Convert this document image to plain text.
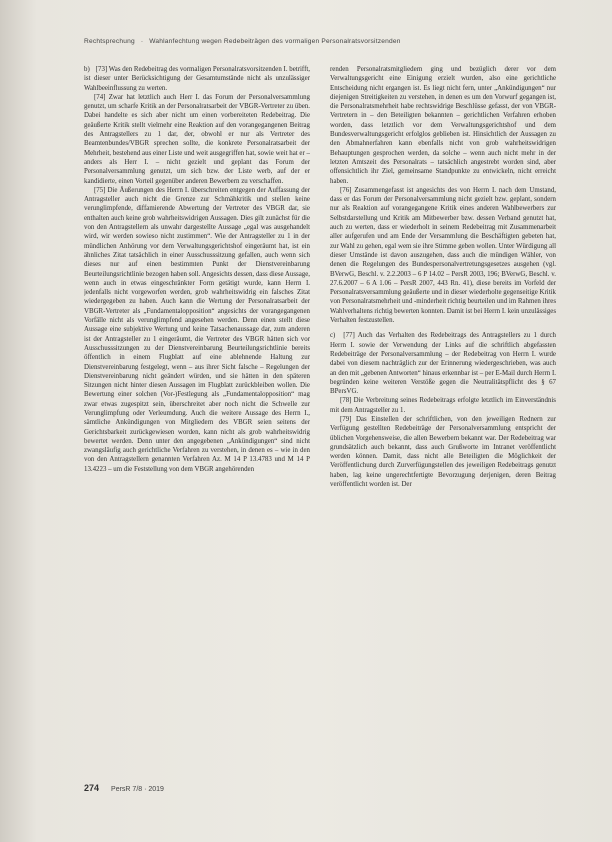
Rechtsprechung · Wahlanfechtung wegen Redebeiträgen des vormaligen Personalratsvorsitzenden

b) [73] Was den Redebeitrag des vormaligen Personalratsvorsitzenden I. betrifft, ist dieser unter Berücksichtigung der Gesamtumstände nicht als unzulässiger Wahlbeeinflussung zu werten.

[74] Zwar hat letztlich auch Herr I. das Forum der Personalversammlung genutzt, um scharfe Kritik an der Personalratsarbeit der VBGR-Vertreter zu üben. Dabei handelte es sich aber nicht um einen vorbereiteten Redebeitrag. Die geäußerte Kritik stellt vielmehr eine Reaktion auf den vorangegangenen Beitrag des Antragstellers zu 1 dar, der, obwohl er nur als Vertreter des Beamtenbundes/VBGR sprechen sollte, die konkrete Personalratsarbeit der Mehrheit, bestehend aus einer Liste und weit ausgegriffen hat, sowie weit hat er – anders als Herr I. – nicht gezielt und geplant das Forum der Personalversammlung genutzt, um sich bzw. der Liste werb, auf der er kandidierte, einen Vorteil gegenüber anderen Bewerbern zu verschaffen.

[75] Die Äußerungen des Herrn I. überschreiten entgegen der Auffassung der Antragsteller auch nicht die Grenze zur Schmähkritik und stellen keine verunglimpfende, diffamierende Abwertung der Vertreter des VBGR dar, sie enthalten auch keine grob wahrheitswidrigen Aussagen. Dies gilt zunächst für die von den Antragstellern als unwahr dargestellte Aussage „egal was ausgehandelt wird, wir werden sowieso nicht zustimmen“. Wie der Antragsteller zu 1 in der mündlichen Anhörung vor dem Verwaltungsgerichtshof eingeräumt hat, ist ein ähnliches Zitat tatsächlich in einer Ausschusssitzung gefallen, auch wenn sich dieses nur auf einen bestimmten Punkt der Dienstvereinbarung Beurteilungsrichtlinie bezogen haben soll. Angesichts dessen, dass diese Aussage, wenn auch in etwas eingeschränkter Form getätigt wurde, kann Herrn I. jedenfalls nicht vorgeworfen werden, grob wahrheitswidrig ein falsches Zitat wiedergegeben zu haben. Auch kann die Wertung der Personalratsarbeit der VBGR-Vertreter als „Fundamentalopposition“ angesichts der vorangegangenen Vorfälle nicht als verunglimpfend angesehen werden. Denn einen stellt diese Aussage eine subjektive Wertung und keine Tatsachenaussage dar, zum anderen ist der Antragsteller zu 1 eingeräumt, die Vertreter des VBGR hätten sich vor Ausschusssitzungen zu der Dienstvereinbarung Beurteilungsrichtlinie bereits öffentlich in einem Flugblatt auf eine ablehnende Haltung zur Dienstvereinbarung festgelegt, wenn – aus ihrer Sicht falsche – Regelungen der Dienstvereinbarung nicht geändert würden, und sie hätten in den späteren Sitzungen nicht hinter diesen Aussagen im Flugblatt zurückbleiben wollen. Die Bewertung einer solchen (Vor-)Festlegung als „Fundamentalopposition“ mag zwar etwas zugespitzt sein, überschreitet aber noch nicht die Schwelle zur Verunglimpfung oder Verleumdung. Auch die weitere Aussage des Herrn I., sämtliche Ankündigungen von Mitgliedern des VBGR seien seitens der Gerichtsbarkeit zurückgewiesen worden, kann nicht als grob wahrheitswidrig bewertet werden. Denn unter den angegebenen „Ankündigungen“ sind nicht zwangsläufig auch gerichtliche Verfahren zu verstehen, in denen es – wie in den von den Antragstellern genannten Verfahren Az. M 14 P 13.4783 und M 14 P 13.4223 – um die Feststellung von dem VBGR angehörenden

renden Personalratsmitgliedern ging und bezüglich derer vor dem Verwaltungsgericht eine Einigung erzielt wurden, also eine gerichtliche Entscheidung nicht ergangen ist. Es liegt nicht fern, unter „Ankündigungen“ nur diejenigen Streitigkeiten zu verstehen, in denen es um den Vorwurf gegangen ist, die Personalratsmehrheit habe rechtswidrige Beschlüsse gefasst, der von VBGR-Vertretern in – den Beteiligten bekannten – gerichtlichen Verfahren erhoben worden, dass letztlich vor dem Verwaltungsgerichtshof und dem Bundesverwaltungsgericht erfolglos geblieben ist. Hinsichtlich der Aussagen zu den Abmahnerfahren kann ebenfalls nicht von grob wahrheitswidrigen Behauptungen gesprochen werden, da solche – wenn auch nicht mehr in der letzten Amtszeit des Personalrats – tatsächlich angestrebt worden sind, aber offensichtlich ihr Ziel, gemeinsame Standpunkte zu entwickeln, nicht erreicht haben.

[76] Zusammengefasst ist angesichts des von Herrn I. nach dem Umstand, dass er das Forum der Personalversammlung nicht gezielt bzw. geplant, sondern nur als Reaktion auf vorangegangene Kritik eines anderen Wahlbewerbers zur Selbstdarstellung und Kritik am Mitbewerber bzw. dessen Verband genutzt hat, auch zu werten, dass er wiederholt in seinem Redebeitrag mit Zusammenarbeit aller aufgerufen und am Ende der Versammlung die Beschäftigten gebeten hat, zur Wahl zu gehen, egal wem sie ihre Stimme geben wollen. Unter Würdigung all dieser Umstände ist davon auszugehen, dass auch die mündigen Wähler, von denen die Regelungen des Bundespersonalvertretungsgesetzes ausgehen (vgl. BVerwG, Beschl. v. 2.2.2003 – 6 P 14.02 – PersR 2003, 196; BVerwG, Beschl. v. 27.6.2007 – 6 A 1.06 – PersR 2007, 443 Rn. 41), diese bereits im Vorfeld der Personalratsversammlung geäußerte und in dieser wiederholte gegenseitige Kritik von Personalratsmehrheit und -minderheit richtig beurteilen und im Rahmen ihres Wahlverhaltens richtig bewerten konnten. Damit ist bei Herrn I. kein unzulässiges Verhalten festzustellen.

c) [77] Auch das Verhalten des Redebeitrags des Antragstellers zu 1 durch Herrn I. sowie der Verwendung der Links auf die schriftlich abgefassten Redebeiträge der Personalversammlung – der Redebeitrag von Herrn I. wurde dabei von diesem nachträglich zur der Erinnerung wiedergeschrieben, was auch an den mit „gebenen Antworten“ hinaus erkennbar ist – per E-Mail durch Herrn I. begründen keine weiteren Verstöße gegen die Neutralitätspflicht des § 67 BPersVG.

[78] Die Verbreitung seines Redebeitrags erfolgte letztlich im Einverständnis mit dem Antragsteller zu 1.

[79] Das Einstellen der schriftlichen, von den jeweiligen Rednern zur Verfügung gestellten Redebeiträge der Personalversammlung entspricht der üblichen Vorgehensweise, die allen Bewerbern bekannt war. Der Redebeitrag war grundsätzlich auch bekannt, dass auch Grußworte im Intranet veröffentlicht werden können. Damit, dass nicht alle Beteiligten die Möglichkeit der Veröffentlichung durch Zurverfügungstellen des jeweiligen Redebeitrags genutzt haben, lag keine ungerechtfertigte Bevorzugung derjenigen, deren Beitrag veröffentlicht worden ist. Der

274 PersR 7/8 · 2019
